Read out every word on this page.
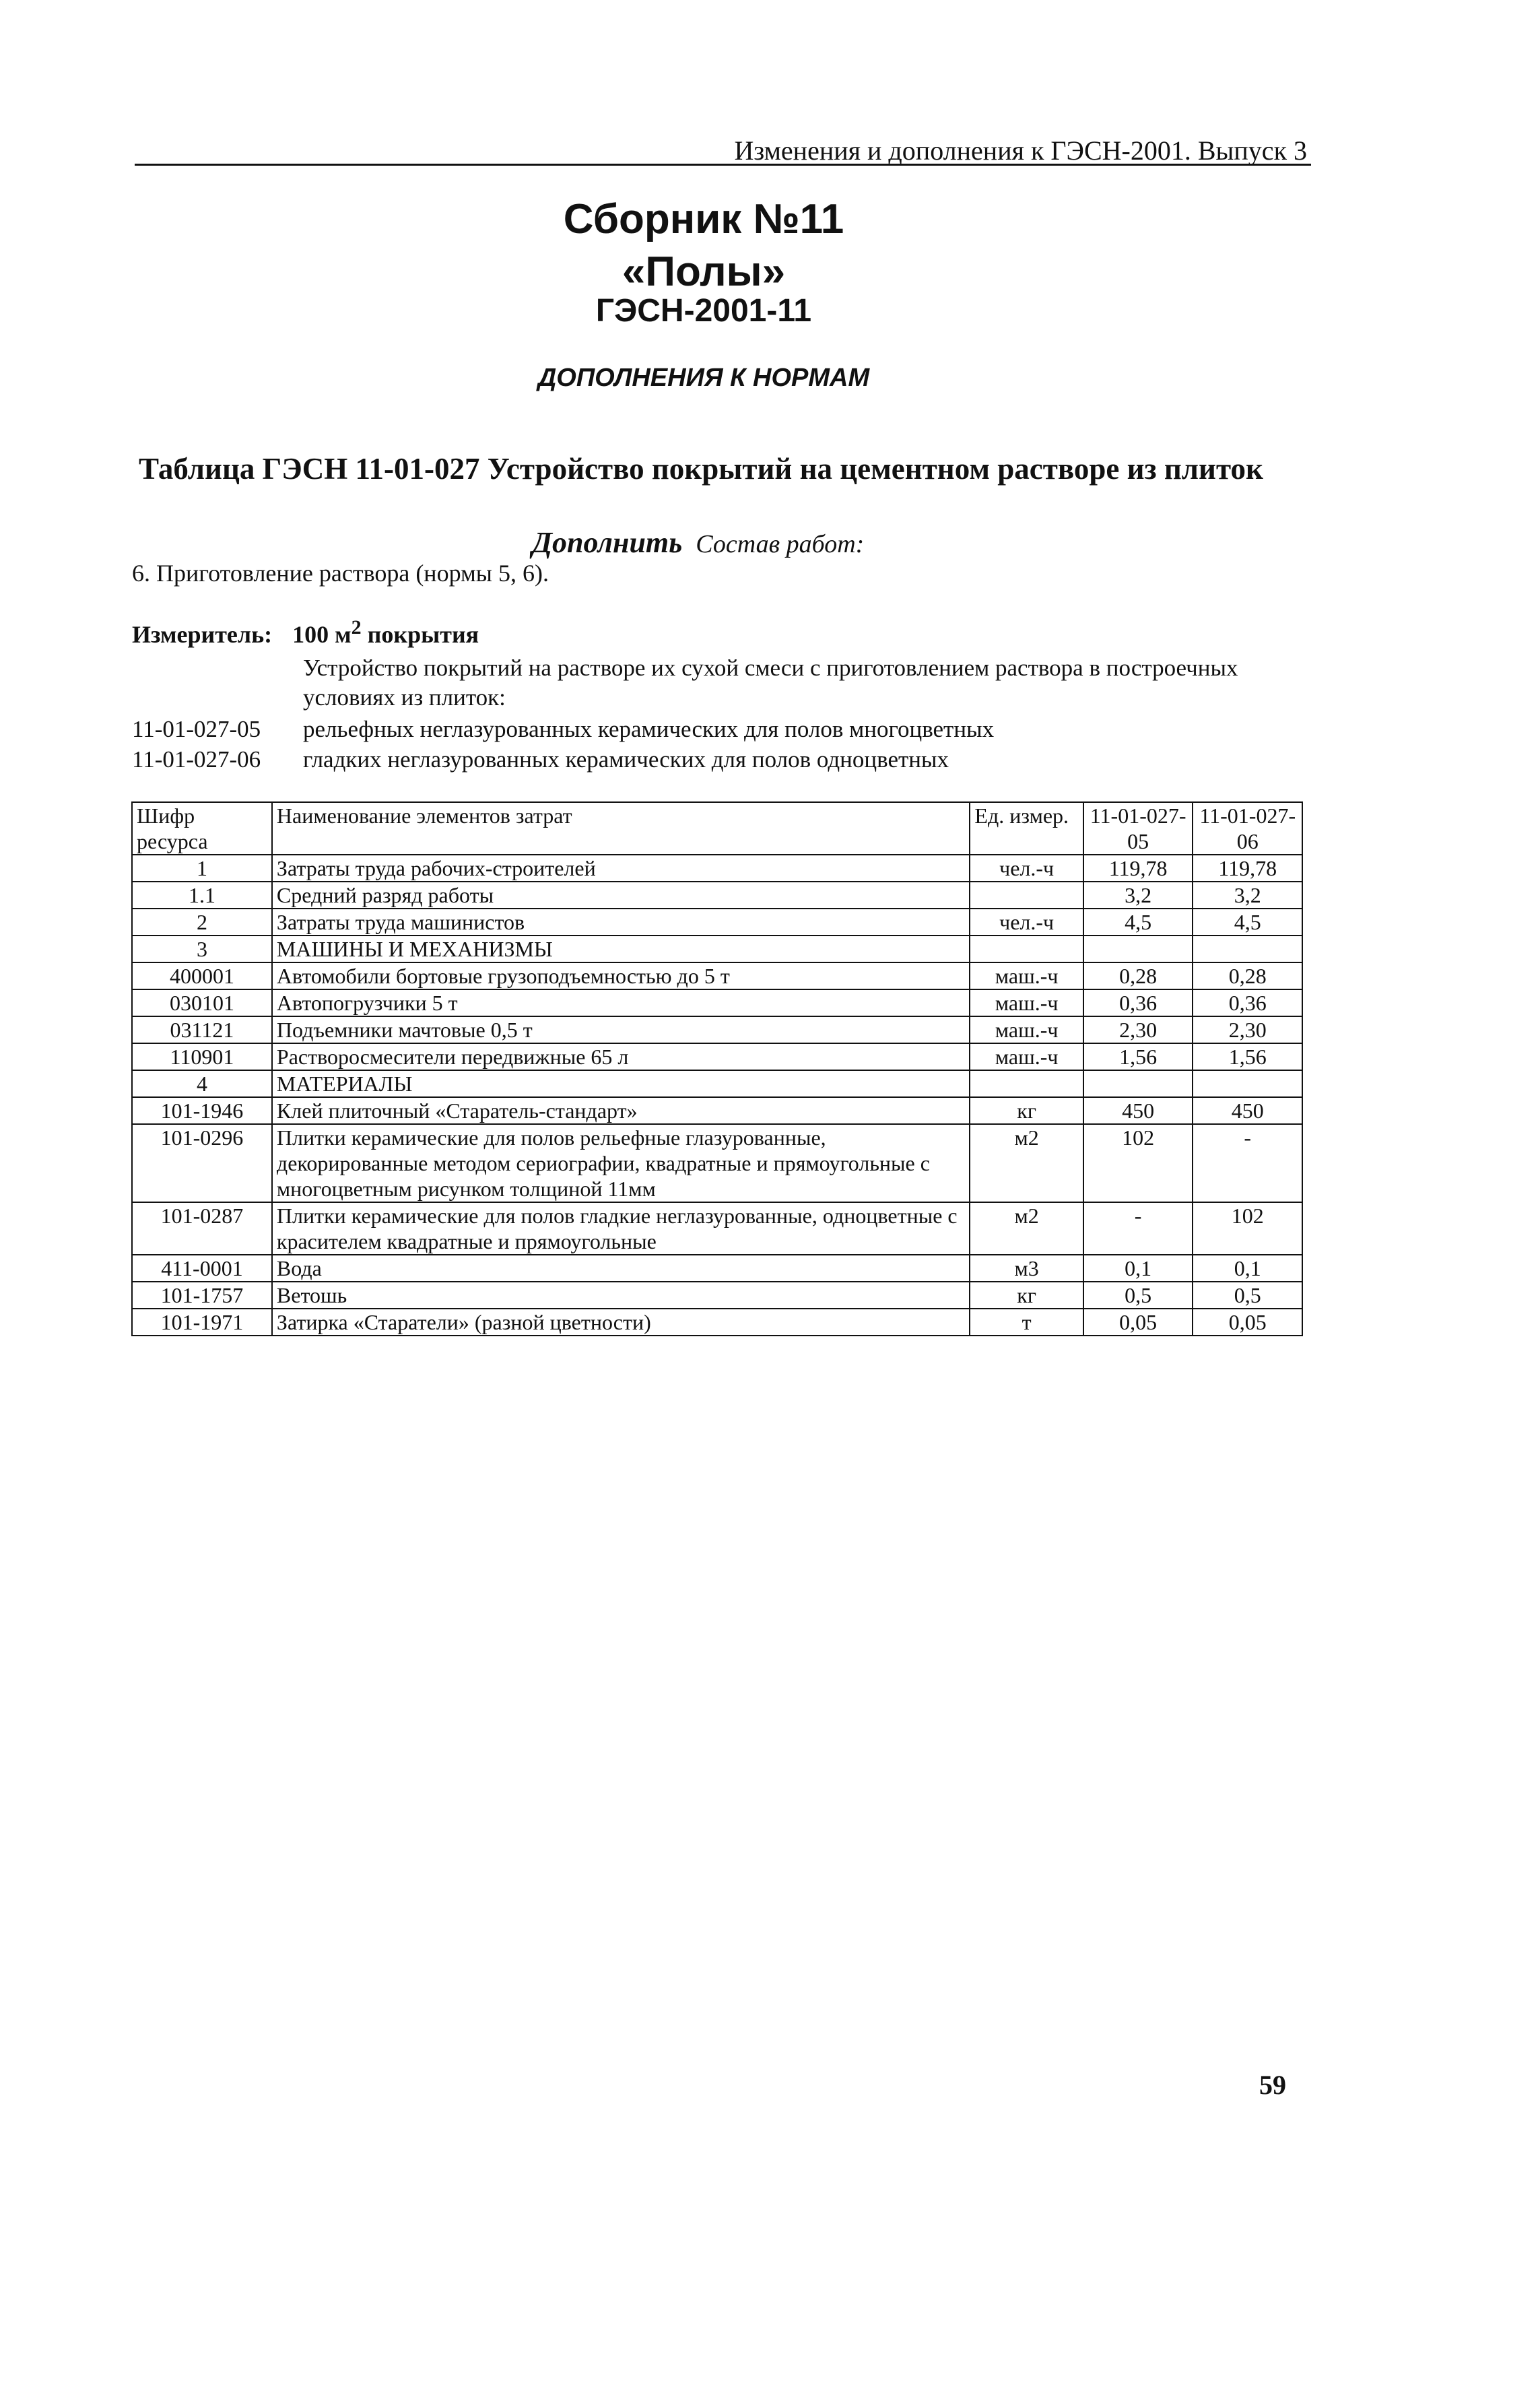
Изменения и дополнения к ГЭСН-2001. Выпуск 3
Сборник №11
«Полы»
ГЭСН-2001-11
ДОПОЛНЕНИЯ К НОРМАМ
Таблица ГЭСН 11-01-027 Устройство покрытий на цементном растворе из плиток
Дополнить Состав работ:
6. Приготовление раствора (нормы 5, 6).
Измеритель: 100 $м^2$ покрытия
Устройство покрытий на растворе их сухой смеси с приготовлением раствора в построечных условиях из плиток:
11-01-027-05 рельефных неглазурованных керамических для полов многоцветных
11-01-027-06 гладких неглазурованных керамических для полов одноцветных
Шифр ресурса	Наименование элементов затрат	Ед. измер.	11-01-027-05	11-01-027-06
1	Затраты труда рабочих-строителей	чел.-ч	119,78	119,78
1.1	Средний разряд работы		3,2	3,2
2	Затраты труда машинистов	чел.-ч	4,5	4,5
3	МАШИНЫ И МЕХАНИЗМЫ			
400001	Автомобили бортовые грузоподъемностью до 5 т	маш.-ч	0,28	0,28
030101	Автопогрузчики 5 т	маш.-ч	0,36	0,36
031121	Подъемники мачтовые 0,5 т	маш.-ч	2,30	2,30
110901	Растворосмесители передвижные 65 л	маш.-ч	1,56	1,56
4	МАТЕРИАЛЫ			
101-1946	Клей плиточный «Старатель-стандарт»	кг	450	450
101-0296	Плитки керамические для полов рельефные глазурованные, декорированные методом сериографии, квадратные и прямоугольные с многоцветным рисунком толщиной 11мм	м2	102	-
101-0287	Плитки керамические для полов гладкие неглазурованные, одноцветные с красителем квадратные и прямоугольные	м2	-	102
411-0001	Вода	м3	0,1	0,1
101-1757	Ветошь	кг	0,5	0,5
101-1971	Затирка «Старатели» (разной цветности)	т	0,05	0,05
59
